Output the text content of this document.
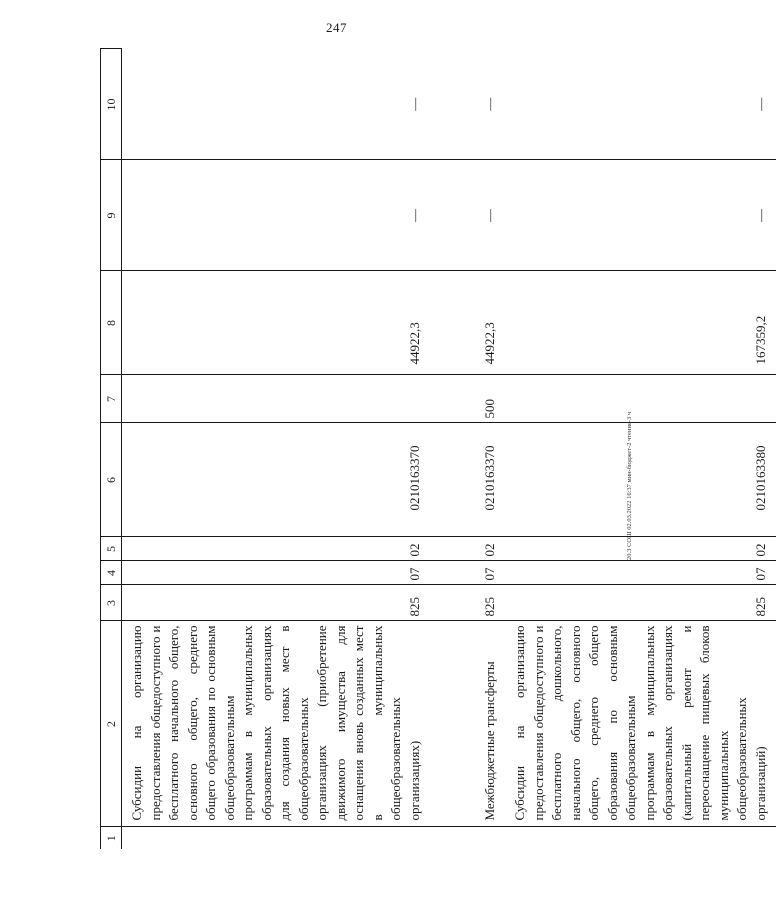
247
20.3 СОШ 02.03.2022 16:37 мин-бюджет-2 чтение-3 ч
1	2	3	4	5	6	7	8	9	10
	Субсидии на организацию предоставления общедоступного и бесплатного начального общего, основного общего, среднего общего образования по основным общеобразовательным программам в муниципальных образовательных организациях для создания новых мест в общеобразовательных организациях (приобретение движимого имущества для оснащения вновь созданных мест в муниципальных общеобразовательных организациях)	825	07	02	0210163370		44922,3	—	—
	Межбюджетные трансферты	825	07	02	0210163370	500	44922,3	—	—
	Субсидии на организацию предоставления общедоступного и бесплатного дошкольного, начального общего, основного общего, среднего общего образования по основным общеобразовательным программам в муниципальных образовательных организациях (капитальный ремонт и переоснащение пищевых блоков муниципальных общеобразовательных организаций)	825	07	02	0210163380		167359,2	—	—
